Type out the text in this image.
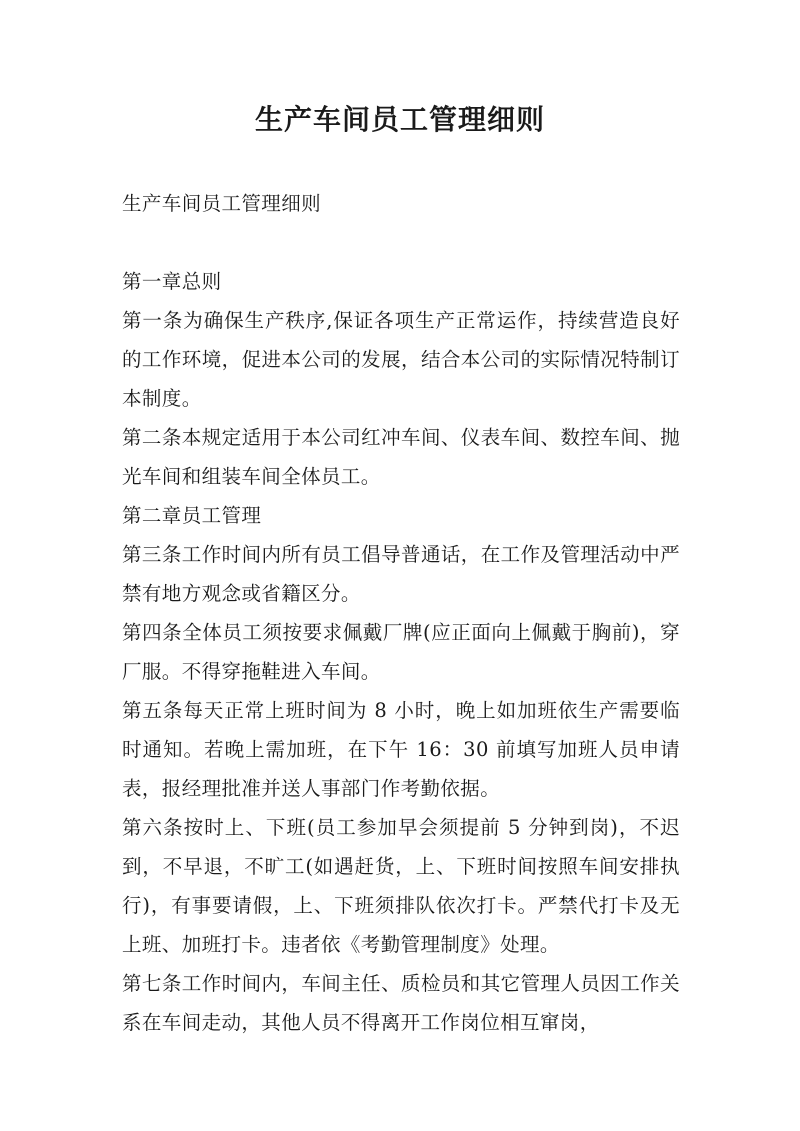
生产车间员工管理细则

生产车间员工管理细则

第一章总则

第一条为确保生产秩序,保证各项生产正常运作，持续营造良好的工作环境，促进本公司的发展，结合本公司的实际情况特制订本制度。

第二条本规定适用于本公司红冲车间、仪表车间、数控车间、抛光车间和组装车间全体员工。

第二章员工管理

第三条工作时间内所有员工倡导普通话，在工作及管理活动中严禁有地方观念或省籍区分。

第四条全体员工须按要求佩戴厂牌(应正面向上佩戴于胸前)，穿厂服。不得穿拖鞋进入车间。

第五条每天正常上班时间为 8 小时，晚上如加班依生产需要临时通知。若晚上需加班，在下午 16：30 前填写加班人员申请表，报经理批准并送人事部门作考勤依据。

第六条按时上、下班(员工参加早会须提前 5 分钟到岗)，不迟到，不早退，不旷工(如遇赶货，上、下班时间按照车间安排执行)，有事要请假，上、下班须排队依次打卡。严禁代打卡及无上班、加班打卡。违者依《考勤管理制度》处理。

第七条工作时间内，车间主任、质检员和其它管理人员因工作关系在车间走动，其他人员不得离开工作岗位相互窜岗，
